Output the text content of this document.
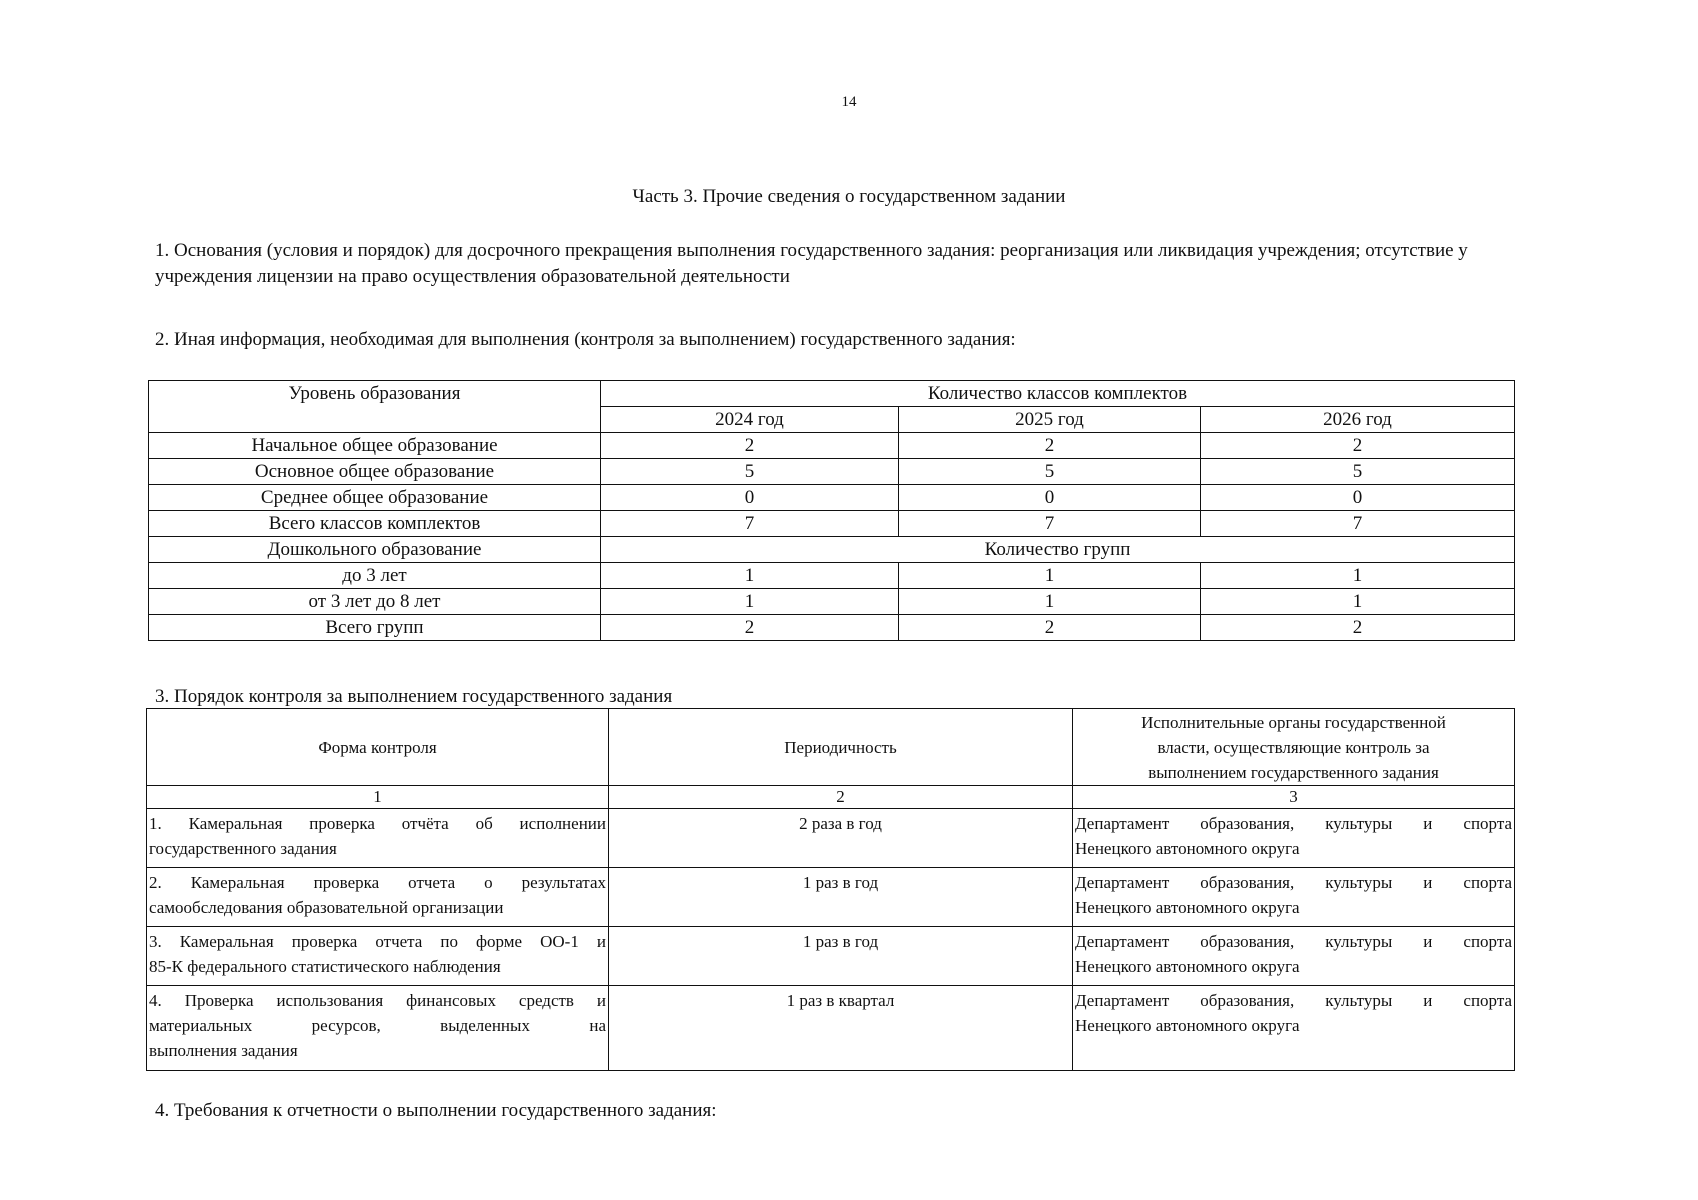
14
Часть 3. Прочие сведения о государственном задании
1. Основания (условия и порядок) для досрочного прекращения выполнения государственного задания: реорганизация или ликвидация учреждения; отсутствие у учреждения лицензии на право осуществления образовательной деятельности
2. Иная информация, необходимая для выполнения (контроля за выполнением) государственного задания:
Уровень образования	Количество классов комплектов		
	2024 год	2025 год	2026 год
Начальное общее образование	2	2	2
Основное общее образование	5	5	5
Среднее общее образование	0	0	0
Всего классов комплектов	7	7	7
Дошкольного образование	Количество групп		
до 3 лет	1	1	1
от 3 лет до 8 лет	1	1	1
Всего групп	2	2	2
3. Порядок контроля за выполнением государственного задания
Форма контроля	Периодичность	Исполнительные органы государственной власти, осуществляющие контроль за выполнением государственного задания
1	2	3

1. Камеральная проверка отчёта об исполнении
государственного задания	2 раза в год	Департамент образования, культуры и спорта
Ненецкого автономного округа

2. Камеральная проверка отчета о результатах
самообследования образовательной организации	1 раз в год	Департамент образования, культуры и спорта
Ненецкого автономного округа

3. Камеральная проверка отчета по форме ОО-1 и
85-К федерального статистического наблюдения	1 раз в год	Департамент образования, культуры и спорта
Ненецкого автономного округа

4. Проверка использования финансовых средств и
материальных ресурсов, выделенных на
выполнения задания	1 раз в квартал	Департамент образования, культуры и спорта
Ненецкого автономного округа
4. Требования к отчетности о выполнении государственного задания:
